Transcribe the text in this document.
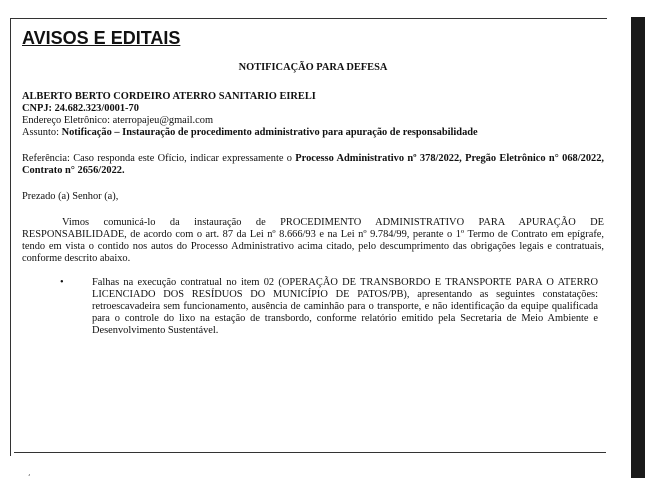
‘
AVISOS E EDITAIS
NOTIFICAÇÃO PARA DEFESA

ALBERTO BERTO CORDEIRO ATERRO SANITARIO EIRELI

CNPJ: 24.682.323/0001-70

Endereço Eletrônico: aterropajeu@gmail.com

Assunto: Notificação – Instauração de procedimento administrativo para apuração de responsabilidade

Referência: Caso responda este Ofício, indicar expressamente o Processo Administrativo nº 378/2022, Pregão Eletrônico n° 068/2022, Contrato n° 2656/2022.

Prezado (a) Senhor (a),

Vimos comunicá-lo da instauração de PROCEDIMENTO ADMINISTRATIVO PARA APURAÇÃO DE RESPONSABILIDADE, de acordo com o art. 87 da Lei nº 8.666/93 e na Lei nº 9.784/99, perante o 1º Termo de Contrato em epígrafe, tendo em vista o contido nos autos do Processo Administrativo acima citado, pelo descumprimento das obrigações legais e contratuais, conforme descrito abaixo.

•	Falhas na execução contratual no item 02 (OPERAÇÃO DE TRANSBORDO E TRANSPORTE PARA O ATERRO LICENCIADO DOS RESÍDUOS DO MUNICÍPIO DE PATOS/PB), apresentando as seguintes constatações: retroescavadeira sem funcionamento, ausência de caminhão para o transporte, e não identificação da equipe qualificada para o controle do lixo na estação de transbordo, conforme relatório emitido pela Secretaria de Meio Ambiente e Desenvolvimento Sustentável.
